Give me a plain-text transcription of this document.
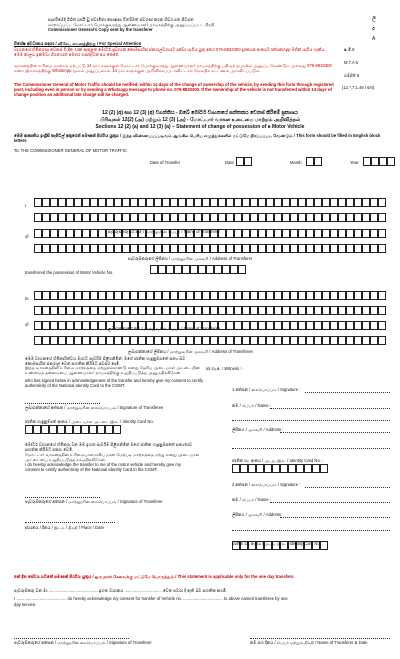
සැපයිමේදී ඊශිත් ශර්ජි ඩු ස්වාමිතා පොෂණ විතරිමත් ස්වරණ් කරන ගිඩ්ර පත පිටපත
மாற்றப்பட்ட மோட்டார் போக்குவரத்து ஆணையாளர் நாயகத்திற்கு அனுப்பப்பட்ட பிரதி
Commissioner General's Copy sent by the transferer
ලි
අ
A
ෂ.මි.6
M.T.A 6
ගම්‍ජිජි 6
(12.*,7,1.46 / 6/4)
විශේෂ අවධානය සඳහා / விசேட கவனத்திற்கு / For Special Attention
වාහනයේ හිමිකරණ වෙනස් වී දින 14ක් ඇතුළත මෝටර් ප්‍රවාහන කොමසාරිස් ජනරාල්වරයාට දන්වා යැවිය යුතු අතර 076-8833300 දුරකථන අංකයට WhatsApp මගින් යැවිය හැකිය. මෙම කාලය ඉක්මවා ගියහොත් අමතර ගාස්තුවක් අය කෙරේ.
வாகனத்தின் உரிமை மாற்றம் ஏற்பட்டு 14 நாட்களுக்குள் மோட்டார் போக்குவரத்து ஆணையாளர் நாயகத்திற்கு பதிவுத் தபாலில் அனுப்ப வேண்டும் அல்லது 076-8833300 என்ற இலக்கத்திற்கு WhatsApp மூலம் அனுப்பலாம். 14 நாட்களுக்குள் அறிவிக்கப்படாவிட்டால் மேலதிக கட்டணம் அறவிடப்படும்.
The Commissioner General of Motor Traffic should be notified, within 14 days of the change of ownership of the vehicle, by sending this form through registered post, including even in person or by sending a Whatsapp message to phone no. 076-8833300. If the ownership of the vehicle is not transferred within 14 days of change position an additional late charge will be charged.
12 (2) (අ) සහ 12 (3) (අ) වගන්තිය - ඔබේ මෝටර් වාහනයේ සන්තකය වෙනස් කිරීමේ ප්‍රකාශය
பிரிவுகள் 12(2) (அ) மற்றும் 12 (3) (அ) - மோட்டார் வாகன உடைமை மாற்றம் அறிவித்தல்
Sections 12 (2) (a) and 12 (3) (a) – Statement of change of possession of a Motor Vehicle
මෙම ආකෘතිය ඉංග්‍රීසි කැපිටල් අකුරෙන් පමණක් පිරවිය යුතුය / இந்த விண்ணப்பப்படிவம் ஆங்கில பெரிய எழுத்துக்களில் மட்டுமே நிரப்பப்பட வேண்டும் / This form should be filled in English block letters
To: THE COMMISSIONER GENERAL OF MOTOR TRAFFIC
Date of Transfer	Date	Month	Year
I
පැවරුම්කරුගේ නම / மாற்றுநரின் பெயர் / Name of Transferer
of
පැවරුම්කරුගේ ලිපිනය / மாற்றுநரின் முகவரி / Address of Transferer
transferred the possession of Motor Vehicle No.
to
ලබාගන්නාගේ නම / மாற்றுவரின் பெயர் / Name of Transferee
of
ලබාගන්නාගේ ලිපිනය / மாற்றுவரின் முகவரி / Address of Transferee
මෙම වාහනයේ හිමිකාරිත්වය මාහට පැවරීම පිළිගනිමින්, මගේ ජාතික හැඳුනුම්පතේ සත්‍ය බව කොමසාරිස් ජනරාල් වෙත සහතික කිරීමට අවසර දෙමි.
இந்த வாகனத்தின் உரிமை மாற்றத்தை ஏற்றுக்கொண்டு எனது தேசிய அடையாள அட்டையின் உண்மைத் தன்மையை ஆணையாளர் நாயகத்திற்கு உறுதிப்படுத்த அனுமதிக்கிறேன்.
who has signed below in acknowledgement of the transfer and hereby give my consent to certify
authenticity of the National Identity Card to the CGMT.
ජා.හැ.අ. / Witness :-
ලබාගන්නාගේ අත්සන / மாற்றுவரின் கையொப்பம் / Signature of Transferee
ජාතික හැඳුනුම්පත් අංකය / அடையாள அட்டை இல. / Identity Card No.
1 අත්සන / கையொப்பம் / Signature :
නම / பெயர் / Name :
ලිපිනය / முகவரி / Address :
ජාතික හැ. අංකය / அ.அ. இல. / Identity Card No. :
මෝටර් වාහනයේ හිමිකරු වන මම ඉහත පැවරීම පිළිගනිමින් මගේ ජාතික හැඳුනුම්පතේ සත්‍යතාව සහතික කිරීමට එකඟ වෙමි.
மோட்டார் வாகனத்தின் உரிமையாளராகிய நான் மேற்படி மாற்றத்தை ஏற்று எனது அடையாள அட்டையை உறுதிப்படுத்த சம்மதிக்கிறேன்.
I do hereby acknowledge the transfer to me of the motor vehicle and hereby give my
consent to certify authenticity of the National Identity Card to the CGMT.
පැවරුම්කරුගේ අත්සන / மாற்றுநரின் கையொப்பம் / Signature of Transferer
ස්ථානය / දිනය / இடம் / திகதி / Place / Date
2 අත්සන / கையொப்பம் / Signature :
නම / பெயர் / Name :
ලිපිනය / முகவரி / Address :
ජාතික හැ. අංකය / அ.அ. இல. / Identity Card No. :
එක් දින සේවය යටතේ පමණක් පිරවිය යුතුය / ஒரு நாள் சேவைக்கு மட்டுமே பொருந்தும் / This statement is applicable only for the one day transfers.
පැවරුම්කරු වන මා .......................................... ඉහත වාහනය ................................ වෙත පවරා දී ඇති බව සහතික කරමි.
I ........................................... do hereby acknowledge my consent for transfer of Vehicle no. .................................. to above named transferee by one
day service.
පැවරුම්කරුගේ අත්සන / மாற்றுநரின் கையொப்பம் / Signature of Transferer	නම සහ දිනය / பெயர் மற்றும் திகதி / Name of Transferer & Date
